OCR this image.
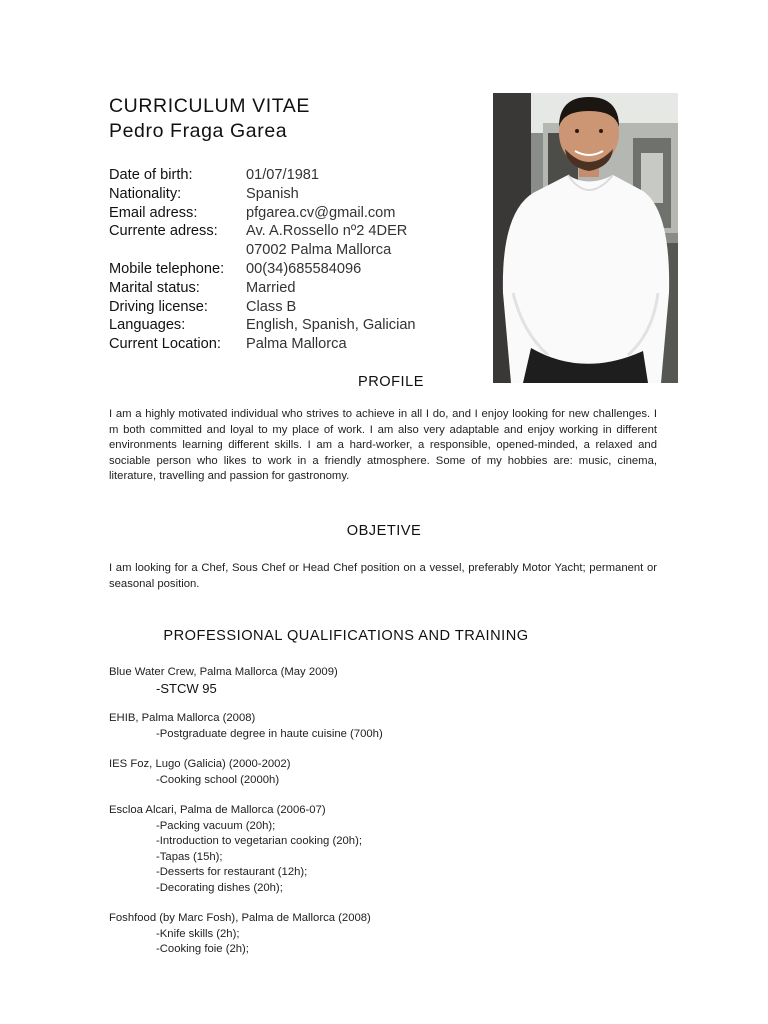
CURRICULUM VITAE
Pedro Fraga Garea
Date of birth:	01/07/1981
Nationality:	Spanish
Email adress:	pfgarea.cv@gmail.com
Currente adress:	Av. A.Rossello nº2 4DER
07002 Palma Mallorca
Mobile telephone:	00(34)685584096
Marital status:	Married
Driving license:	Class B
Languages:	English, Spanish, Galician
Current Location:	Palma Mallorca
PROFILE
I am a highly motivated individual who strives to achieve in all I do, and I enjoy looking for new challenges. I m both committed and loyal to my place of work. I am also very adaptable and enjoy working in different environments learning different skills. I am a hard-worker, a responsible, opened-minded, a relaxed and sociable person who likes to work in a friendly atmosphere. Some of my hobbies are: music, cinema, literature, travelling and passion for gastronomy.
OBJETIVE
I am looking for a Chef, Sous Chef or Head Chef position on a vessel, preferably Motor Yacht; permanent or seasonal position.
PROFESSIONAL QUALIFICATIONS AND TRAINING
Blue Water Crew, Palma Mallorca (May 2009)
-STCW 95
EHIB, Palma Mallorca (2008)
-Postgraduate degree in haute cuisine (700h)
IES Foz, Lugo (Galicia) (2000-2002)
-Cooking school (2000h)
Escloa Alcari, Palma de Mallorca (2006-07)
-Packing vacuum (20h);
-Introduction to vegetarian cooking (20h);
-Tapas (15h);
-Desserts for restaurant (12h);
-Decorating dishes (20h);
Foshfood (by Marc Fosh), Palma de Mallorca (2008)
-Knife skills (2h);
-Cooking foie (2h);
